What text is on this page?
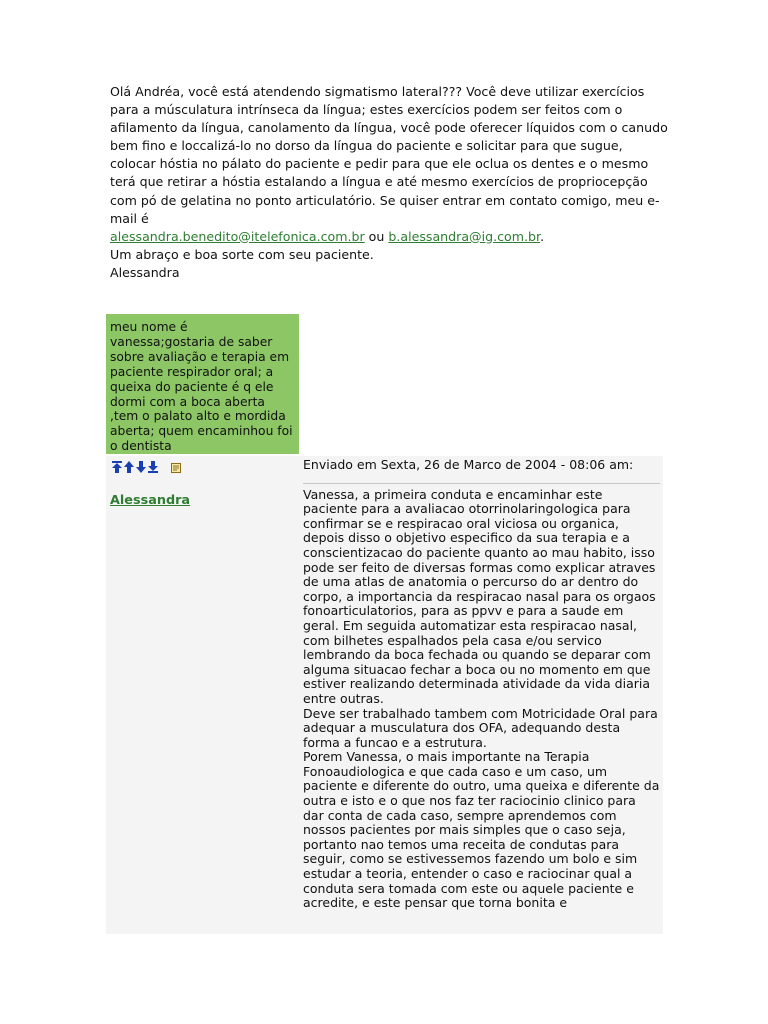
Olá Andréa, você está atendendo sigmatismo lateral??? Você deve utilizar exercícios para a músculatura intrínseca da língua; estes exercícios podem ser feitos com o afilamento da língua, canolamento da língua, você pode oferecer líquidos com o canudo bem fino e loccalizá-lo no dorso da língua do paciente e solicitar para que sugue, colocar hóstia no pálato do paciente e pedir para que ele oclua os dentes e o mesmo terá que retirar a hóstia estalando a língua e até mesmo exercícios de propriocepção com pó de gelatina no ponto articulatório. Se quiser entrar em contato comigo, meu e-mail é
alessandra.benedito@itelefonica.com.br ou b.alessandra@ig.com.br.

Um abraço e boa sorte com seu paciente.

Alessandra

meu nome é vanessa;gostaria de saber sobre avaliação e terapia em paciente respirador oral; a queixa do paciente é q ele dormi com a boca aberta ,tem o palato alto e mordida aberta; quem encaminhou foi o dentista
Alessandra

Enviado em Sexta, 26 de Marco de 2004 - 08:06 am:

Vanessa, a primeira conduta e encaminhar este paciente para a avaliacao otorrinolaringologica para confirmar se e respiracao oral viciosa ou organica, depois disso o objetivo especifico da sua terapia e a conscientizacao do paciente quanto ao mau habito, isso pode ser feito de diversas formas como explicar atraves de uma atlas de anatomia o percurso do ar dentro do corpo, a importancia da respiracao nasal para os orgaos fonoarticulatorios, para as ppvv e para a saude em geral. Em seguida automatizar esta respiracao nasal, com bilhetes espalhados pela casa e/ou servico lembrando da boca fechada ou quando se deparar com alguma situacao fechar a boca ou no momento em que estiver realizando determinada atividade da vida diaria entre outras.

Deve ser trabalhado tambem com Motricidade Oral para adequar a musculatura dos OFA, adequando desta forma a funcao e a estrutura.

Porem Vanessa, o mais importante na Terapia Fonoaudiologica e que cada caso e um caso, um paciente e diferente do outro, uma queixa e diferente da outra e isto e o que nos faz ter raciocinio clinico para dar conta de cada caso, sempre aprendemos com nossos pacientes por mais simples que o caso seja, portanto nao temos uma receita de condutas para seguir, como se estivessemos fazendo um bolo e sim estudar a teoria, entender o caso e raciocinar qual a conduta sera tomada com este ou aquele paciente e acredite, e este pensar que torna bonita e
